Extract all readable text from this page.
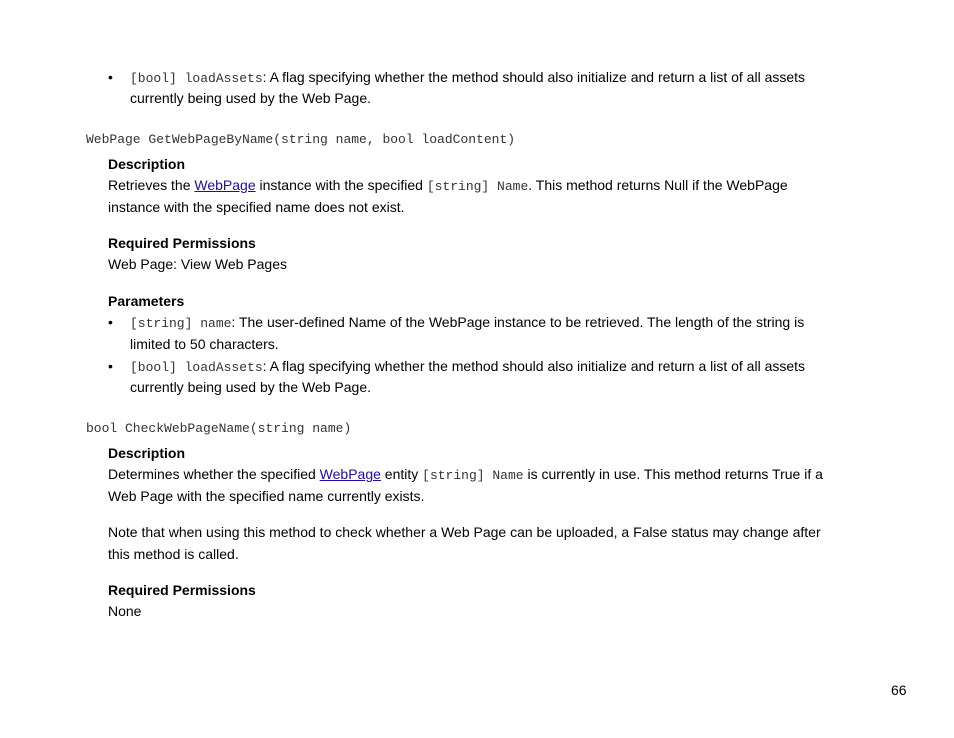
• [bool] loadAssets: A flag specifying whether the method should also initialize and return a list of all assets
currently being used by the Web Page.
WebPage GetWebPageByName(string name, bool loadContent)
Description
Retrieves the WebPage instance with the specified [string] Name. This method returns Null if the WebPage
instance with the specified name does not exist.
Required Permissions
Web Page: View Web Pages
Parameters
• [string] name: The user-defined Name of the WebPage instance to be retrieved. The length of the string is
limited to 50 characters.
• [bool] loadAssets: A flag specifying whether the method should also initialize and return a list of all assets
currently being used by the Web Page.
bool CheckWebPageName(string name)
Description
Determines whether the specified WebPage entity [string] Name is currently in use. This method returns True if a
Web Page with the specified name currently exists.
Note that when using this method to check whether a Web Page can be uploaded, a False status may change after
this method is called.
Required Permissions
None
66
